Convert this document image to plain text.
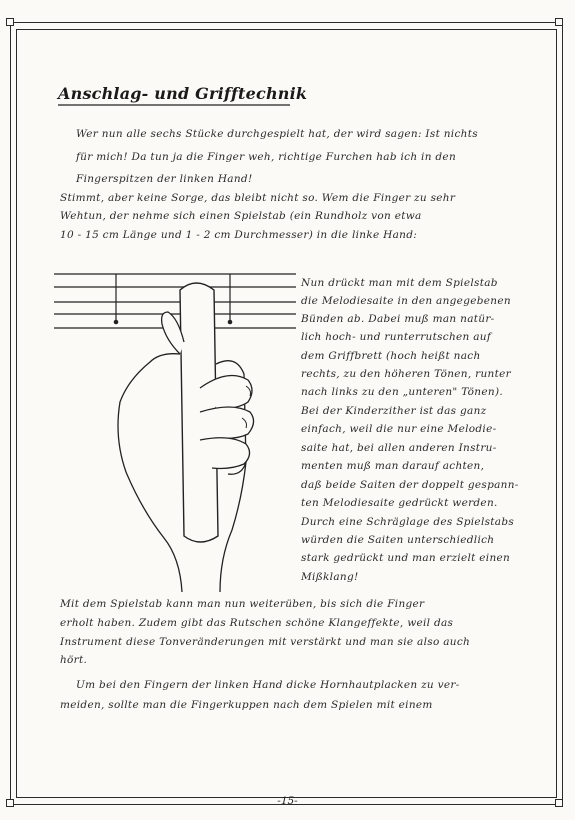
Anschlag- und Grifftechnik
Wer nun alle sechs Stücke durchgespielt hat, der wird sagen: Ist nichts
für mich! Da tun ja die Finger weh, richtige Furchen hab ich in den
Fingerspitzen der linken Hand!
Stimmt, aber keine Sorge, das bleibt nicht so. Wem die Finger zu sehr
Wehtun, der nehme sich einen Spielstab (ein Rundholz von etwa
10 - 15 cm Länge und 1 - 2 cm Durchmesser) in die linke Hand:
Nun drückt man mit dem Spielstab
die Melodiesaite in den angegebenen
Bünden ab. Dabei muß man natür-
lich hoch- und runterrutschen auf
dem Griffbrett (hoch heißt nach
rechts, zu den höheren Tönen, runter
nach links zu den „unteren" Tönen).
Bei der Kinderzither ist das ganz
einfach, weil die nur eine Melodie-
saite hat, bei allen anderen Instru-
menten muß man darauf achten,
daß beide Saiten der doppelt gespann-
ten Melodiesaite gedrückt werden.
Durch eine Schräglage des Spielstabs
würden die Saiten unterschiedlich
stark gedrückt und man erzielt einen
Mißklang!
Mit dem Spielstab kann man nun weiterüben, bis sich die Finger
erholt haben. Zudem gibt das Rutschen schöne Klangeffekte, weil das
Instrument diese Tonveränderungen mit verstärkt und man sie also auch
hört.
Um bei den Fingern der linken Hand dicke Hornhautplacken zu ver-
meiden, sollte man die Fingerkuppen nach dem Spielen mit einem
-15-
